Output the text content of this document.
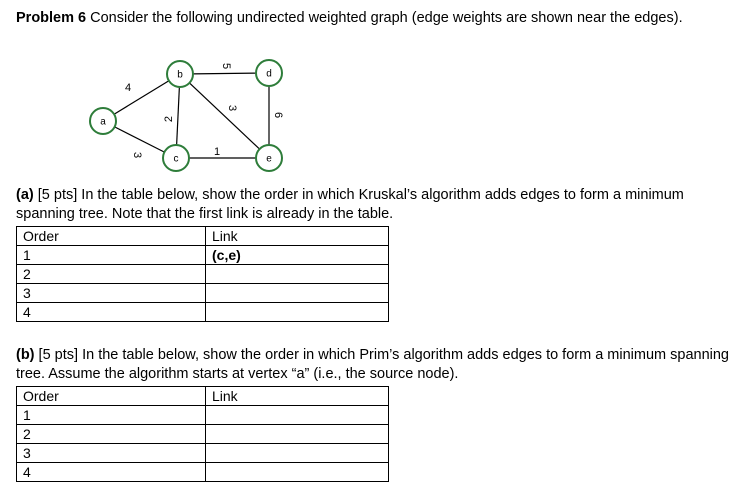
Problem 6 Consider the following undirected weighted graph (edge weights are shown near the edges).
4
3
2
5
3
1
6
a
b
c
d
e
(a) [5 pts] In the table below, show the order in which Kruskal’s algorithm adds edges to form a minimum spanning tree. Note that the first link is already in the table.
Order	Link
1	(c,e)
2	
3	
4	
(b) [5 pts] In the table below, show the order in which Prim’s algorithm adds edges to form a minimum spanning tree. Assume the algorithm starts at vertex “a” (i.e., the source node).
Order	Link
1	
2	
3	
4	
